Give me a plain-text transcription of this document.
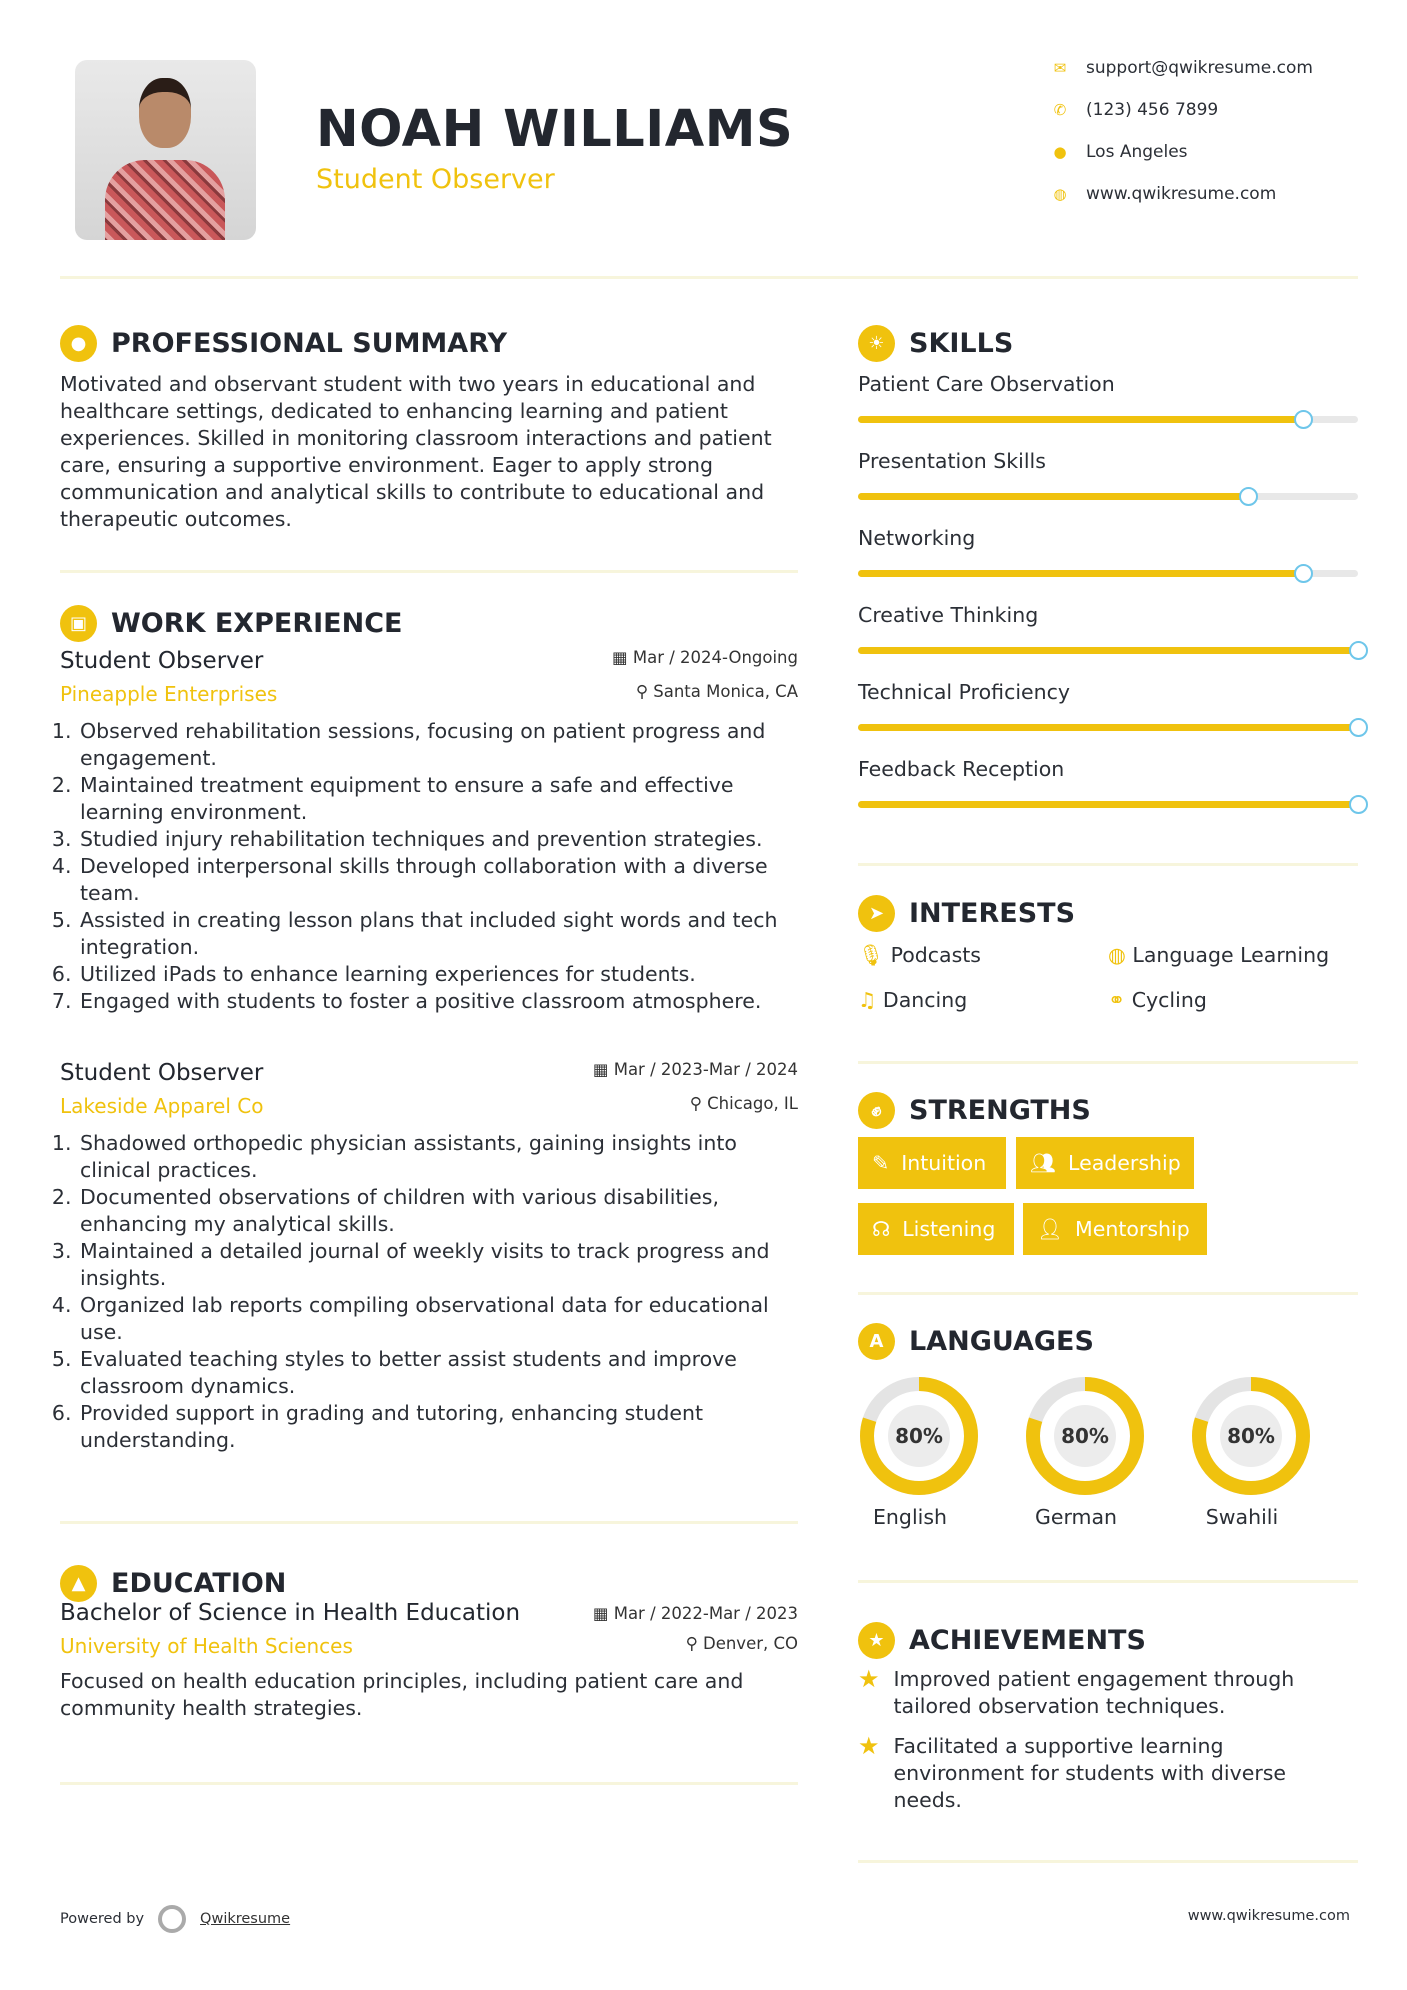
NOAH WILLIAMS
Student Observer
✉ support@qwikresume.com
✆ (123) 456 7899
● Los Angeles
◍ www.qwikresume.com
● PROFESSIONAL SUMMARY
Motivated and observant student with two years in educational and healthcare settings, dedicated to enhancing learning and patient experiences. Skilled in monitoring classroom interactions and patient care, ensuring a supportive environment. Eager to apply strong communication and analytical skills to contribute to educational and therapeutic outcomes.
▣ WORK EXPERIENCE
Student Observer	▦ Mar / 2024-Ongoing
Pineapple Enterprises	⚲ Santa Monica, CA
1. Observed rehabilitation sessions, focusing on patient progress and engagement.
2. Maintained treatment equipment to ensure a safe and effective learning environment.
3. Studied injury rehabilitation techniques and prevention strategies.
4. Developed interpersonal skills through collaboration with a diverse team.
5. Assisted in creating lesson plans that included sight words and tech integration.
6. Utilized iPads to enhance learning experiences for students.
7. Engaged with students to foster a positive classroom atmosphere.
Student Observer	▦ Mar / 2023-Mar / 2024
Lakeside Apparel Co	⚲ Chicago, IL
1. Shadowed orthopedic physician assistants, gaining insights into clinical practices.
2. Documented observations of children with various disabilities, enhancing my analytical skills.
3. Maintained a detailed journal of weekly visits to track progress and insights.
4. Organized lab reports compiling observational data for educational use.
5. Evaluated teaching styles to better assist students and improve classroom dynamics.
6. Provided support in grading and tutoring, enhancing student understanding.
▲ EDUCATION
Bachelor of Science in Health Education	▦ Mar / 2022-Mar / 2023
University of Health Sciences	⚲ Denver, CO
Focused on health education principles, including patient care and community health strategies.
☀ SKILLS
Patient Care Observation
Presentation Skills
Networking
Creative Thinking
Technical Proficiency
Feedback Reception
➤ INTERESTS
🎙︎ Podcasts	◍ Language Learning
♫ Dancing	⚭ Cycling
✊︎	STRENGTHS
✎ Intuition 👥︎ Leadership
☊ Listening 👤︎ Mentorship
A LANGUAGES
80%	80%	80%
English	German	Swahili
★ ACHIEVEMENTS
★ Improved patient engagement through tailored observation techniques.
★ Facilitated a supportive learning environment for students with diverse needs.
Powered by	Qwikresume	www.qwikresume.com
